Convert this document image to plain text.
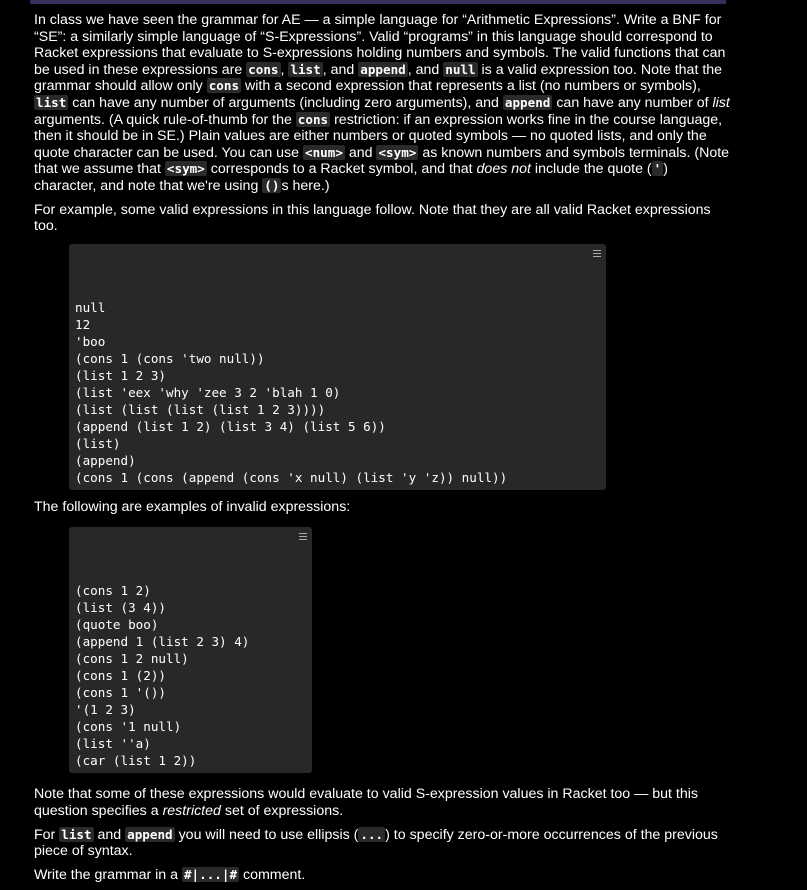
In class we have seen the grammar for AE — a simple language for “Arithmetic Expressions”. Write a BNF for “SE”: a similarly simple language of “S-Expressions”. Valid “programs” in this language should correspond to Racket expressions that evaluate to S-expressions holding numbers and symbols. The valid functions that can be used in these expressions are cons , list , and append , and null is a valid expression too. Note that the grammar should allow only cons with a second expression that represents a list (no numbers or symbols), list can have any number of arguments (including zero arguments), and append can have any number of list arguments. (A quick rule-of-thumb for the cons restriction: if an expression works fine in the course language, then it should be in SE.) Plain values are either numbers or quoted symbols — no quoted lists, and only the quote character can be used. You can use <num> and <sym> as known numbers and symbols terminals. (Note that we assume that <sym> corresponds to a Racket symbol, and that does not include the quote ( ' ) character, and note that we're using () s here.)

For example, some valid expressions in this language follow. Note that they are all valid Racket expressions too.

null
12
'boo
(cons 1 (cons 'two null))
(list 1 2 3)
(list 'eex 'why 'zee 3 2 'blah 1 0)
(list (list (list (list 1 2 3))))
(append (list 1 2) (list 3 4) (list 5 6))
(list)
(append)
(cons 1 (cons (append (cons 'x null) (list 'y 'z)) null))

The following are examples of invalid expressions:

(cons 1 2)
(list (3 4))
(quote boo)
(append 1 (list 2 3) 4)
(cons 1 2 null)
(cons 1 (2))
(cons 1 '())
'(1 2 3)
(cons '1 null)
(list ''a)
(car (list 1 2))

Note that some of these expressions would evaluate to valid S-expression values in Racket too — but this question specifies a restricted set of expressions.

For list and append you will need to use ellipsis ( ... ) to specify zero-or-more occurrences of the previous piece of syntax.

Write the grammar in a #|...|# comment.
